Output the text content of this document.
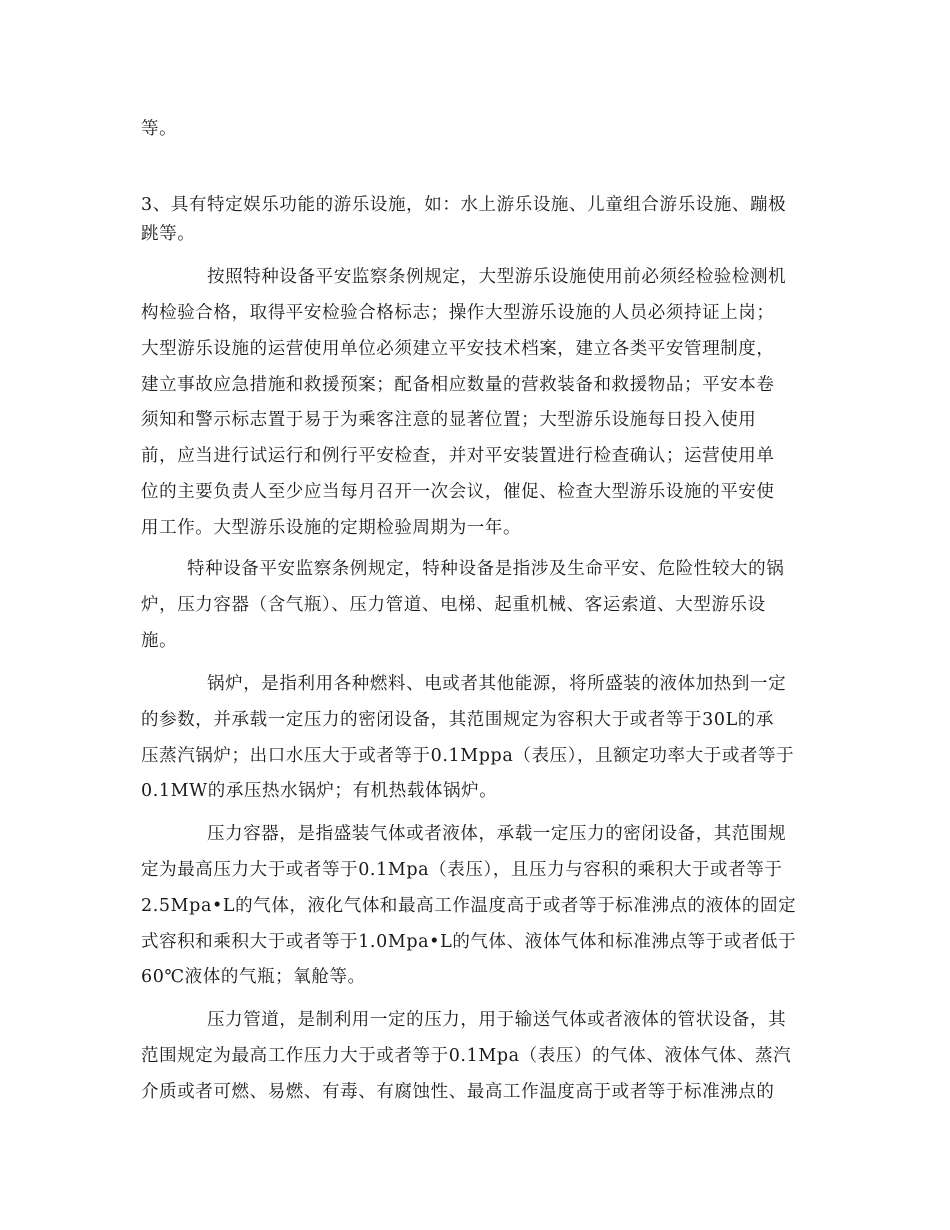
等。
3、具有特定娱乐功能的游乐设施，如：水上游乐设施、儿童组合游乐设施、蹦极
跳等。
按照特种设备平安监察条例规定，大型游乐设施使用前必须经检验检测机
构检验合格，取得平安检验合格标志；操作大型游乐设施的人员必须持证上岗；
大型游乐设施的运营使用单位必须建立平安技术档案，建立各类平安管理制度，
建立事故应急措施和救援预案；配备相应数量的营救装备和救援物品；平安本卷
须知和警示标志置于易于为乘客注意的显著位置；大型游乐设施每日投入使用
前，应当进行试运行和例行平安检查，并对平安装置进行检查确认；运营使用单
位的主要负责人至少应当每月召开一次会议，催促、检查大型游乐设施的平安使
用工作。大型游乐设施的定期检验周期为一年。
特种设备平安监察条例规定，特种设备是指涉及生命平安、危险性较大的锅
炉，压力容器（含气瓶）、压力管道、电梯、起重机械、客运索道、大型游乐设
施。
锅炉，是指利用各种燃料、电或者其他能源，将所盛装的液体加热到一定
的参数，并承载一定压力的密闭设备，其范围规定为容积大于或者等于30L的承
压蒸汽锅炉；出口水压大于或者等于0.1Mppa（表压），且额定功率大于或者等于
0.1MW的承压热水锅炉；有机热载体锅炉。
压力容器，是指盛装气体或者液体，承载一定压力的密闭设备，其范围规
定为最高压力大于或者等于0.1Mpa（表压），且压力与容积的乘积大于或者等于
2.5Mpa•L的气体，液化气体和最高工作温度高于或者等于标准沸点的液体的固定
式容积和乘积大于或者等于1.0Mpa•L的气体、液体气体和标准沸点等于或者低于
60℃液体的气瓶；氧舱等。
压力管道，是制利用一定的压力，用于输送气体或者液体的管状设备，其
范围规定为最高工作压力大于或者等于0.1Mpa（表压）的气体、液体气体、蒸汽
介质或者可燃、易燃、有毒、有腐蚀性、最高工作温度高于或者等于标准沸点的
